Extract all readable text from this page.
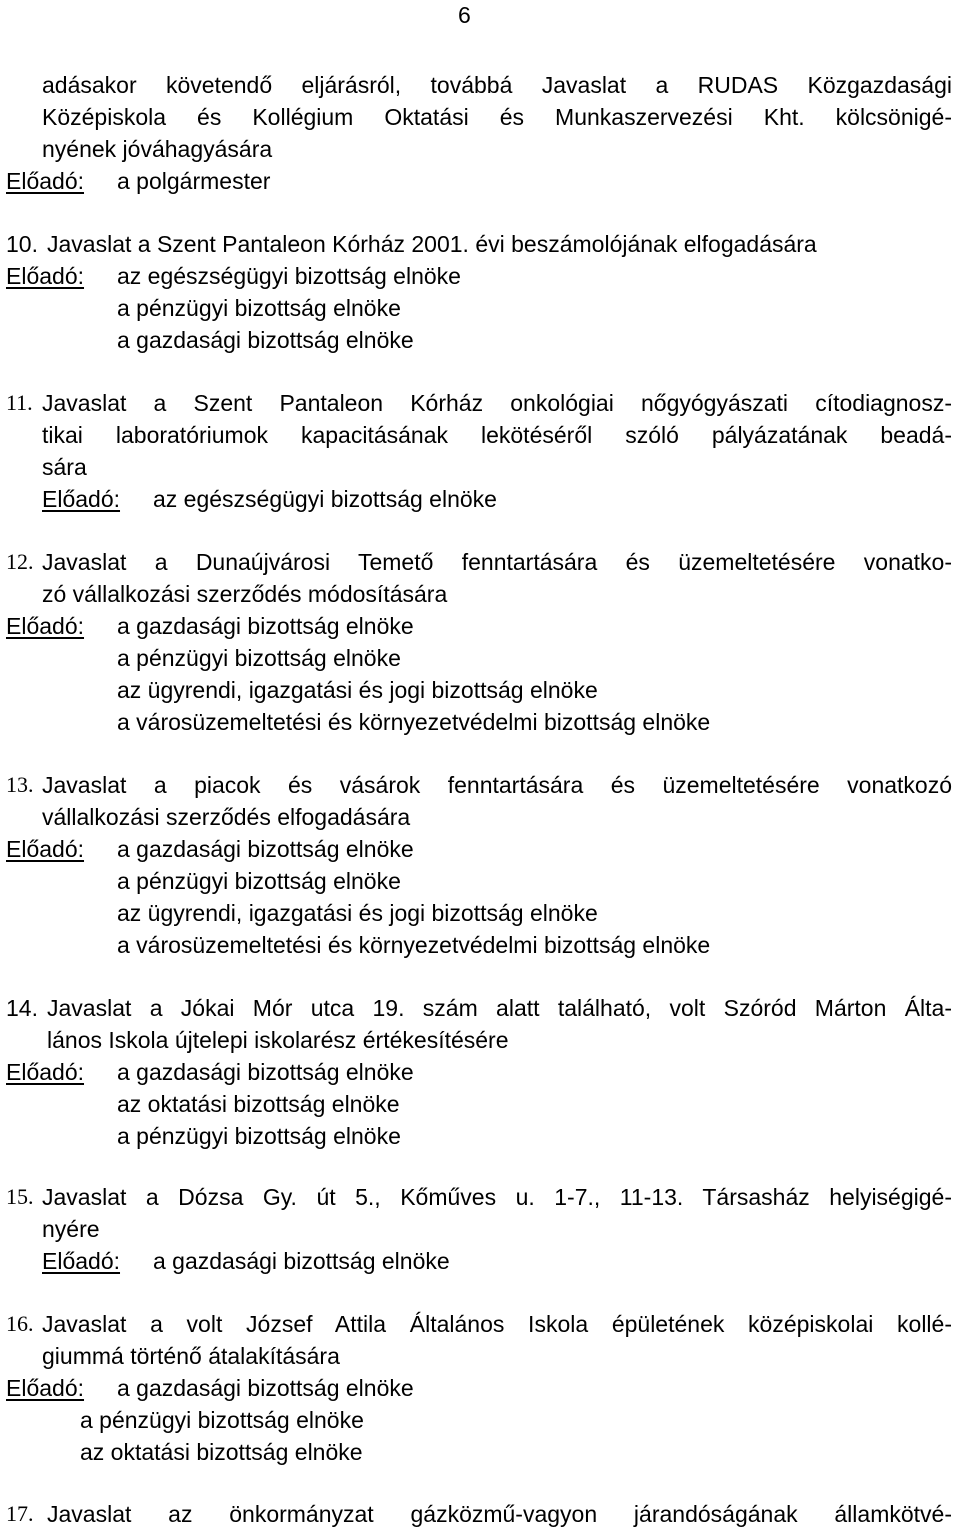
6
adásakor követendő eljárásról, továbbá Javaslat a RUDAS Közgazdasági
Középiskola és Kollégium Oktatási és Munkaszervezési Kht. kölcsönigé-
nyének jóváhagyására
Előadó: a polgármester
10. Javaslat a Szent Pantaleon Kórház 2001. évi beszámolójának elfogadására
Előadó: az egészségügyi bizottság elnöke
a pénzügyi bizottság elnöke
a gazdasági bizottság elnöke
11. Javaslat a Szent Pantaleon Kórház onkológiai nőgyógyászati cítodiagnosz-
tikai laboratóriumok kapacitásának lekötéséről szóló pályázatának beadá-
sára
Előadó: az egészségügyi bizottság elnöke
12. Javaslat a Dunaújvárosi Temető fenntartására és üzemeltetésére vonatko-
zó vállalkozási szerződés módosítására
Előadó: a gazdasági bizottság elnöke
a pénzügyi bizottság elnöke
az ügyrendi, igazgatási és jogi bizottság elnöke
a városüzemeltetési és környezetvédelmi bizottság elnöke
13. Javaslat a piacok és vásárok fenntartására és üzemeltetésére vonatkozó
vállalkozási szerződés elfogadására
Előadó: a gazdasági bizottság elnöke
a pénzügyi bizottság elnöke
az ügyrendi, igazgatási és jogi bizottság elnöke
a városüzemeltetési és környezetvédelmi bizottság elnöke
14. Javaslat a Jókai Mór utca 19. szám alatt található, volt Szóród Márton Álta-
lános Iskola újtelepi iskolarész értékesítésére
Előadó: a gazdasági bizottság elnöke
az oktatási bizottság elnöke
a pénzügyi bizottság elnöke
15. Javaslat a Dózsa Gy. út 5., Kőműves u. 1-7., 11-13. Társasház helyiségigé-
nyére
Előadó: a gazdasági bizottság elnöke
16. Javaslat a volt József Attila Általános Iskola épületének középiskolai kollé-
giummá történő átalakítására
Előadó: a gazdasági bizottság elnöke
a pénzügyi bizottság elnöke
az oktatási bizottság elnöke
17. Javaslat az önkormányzat gázközmű-vagyon járandóságának államkötvé-
